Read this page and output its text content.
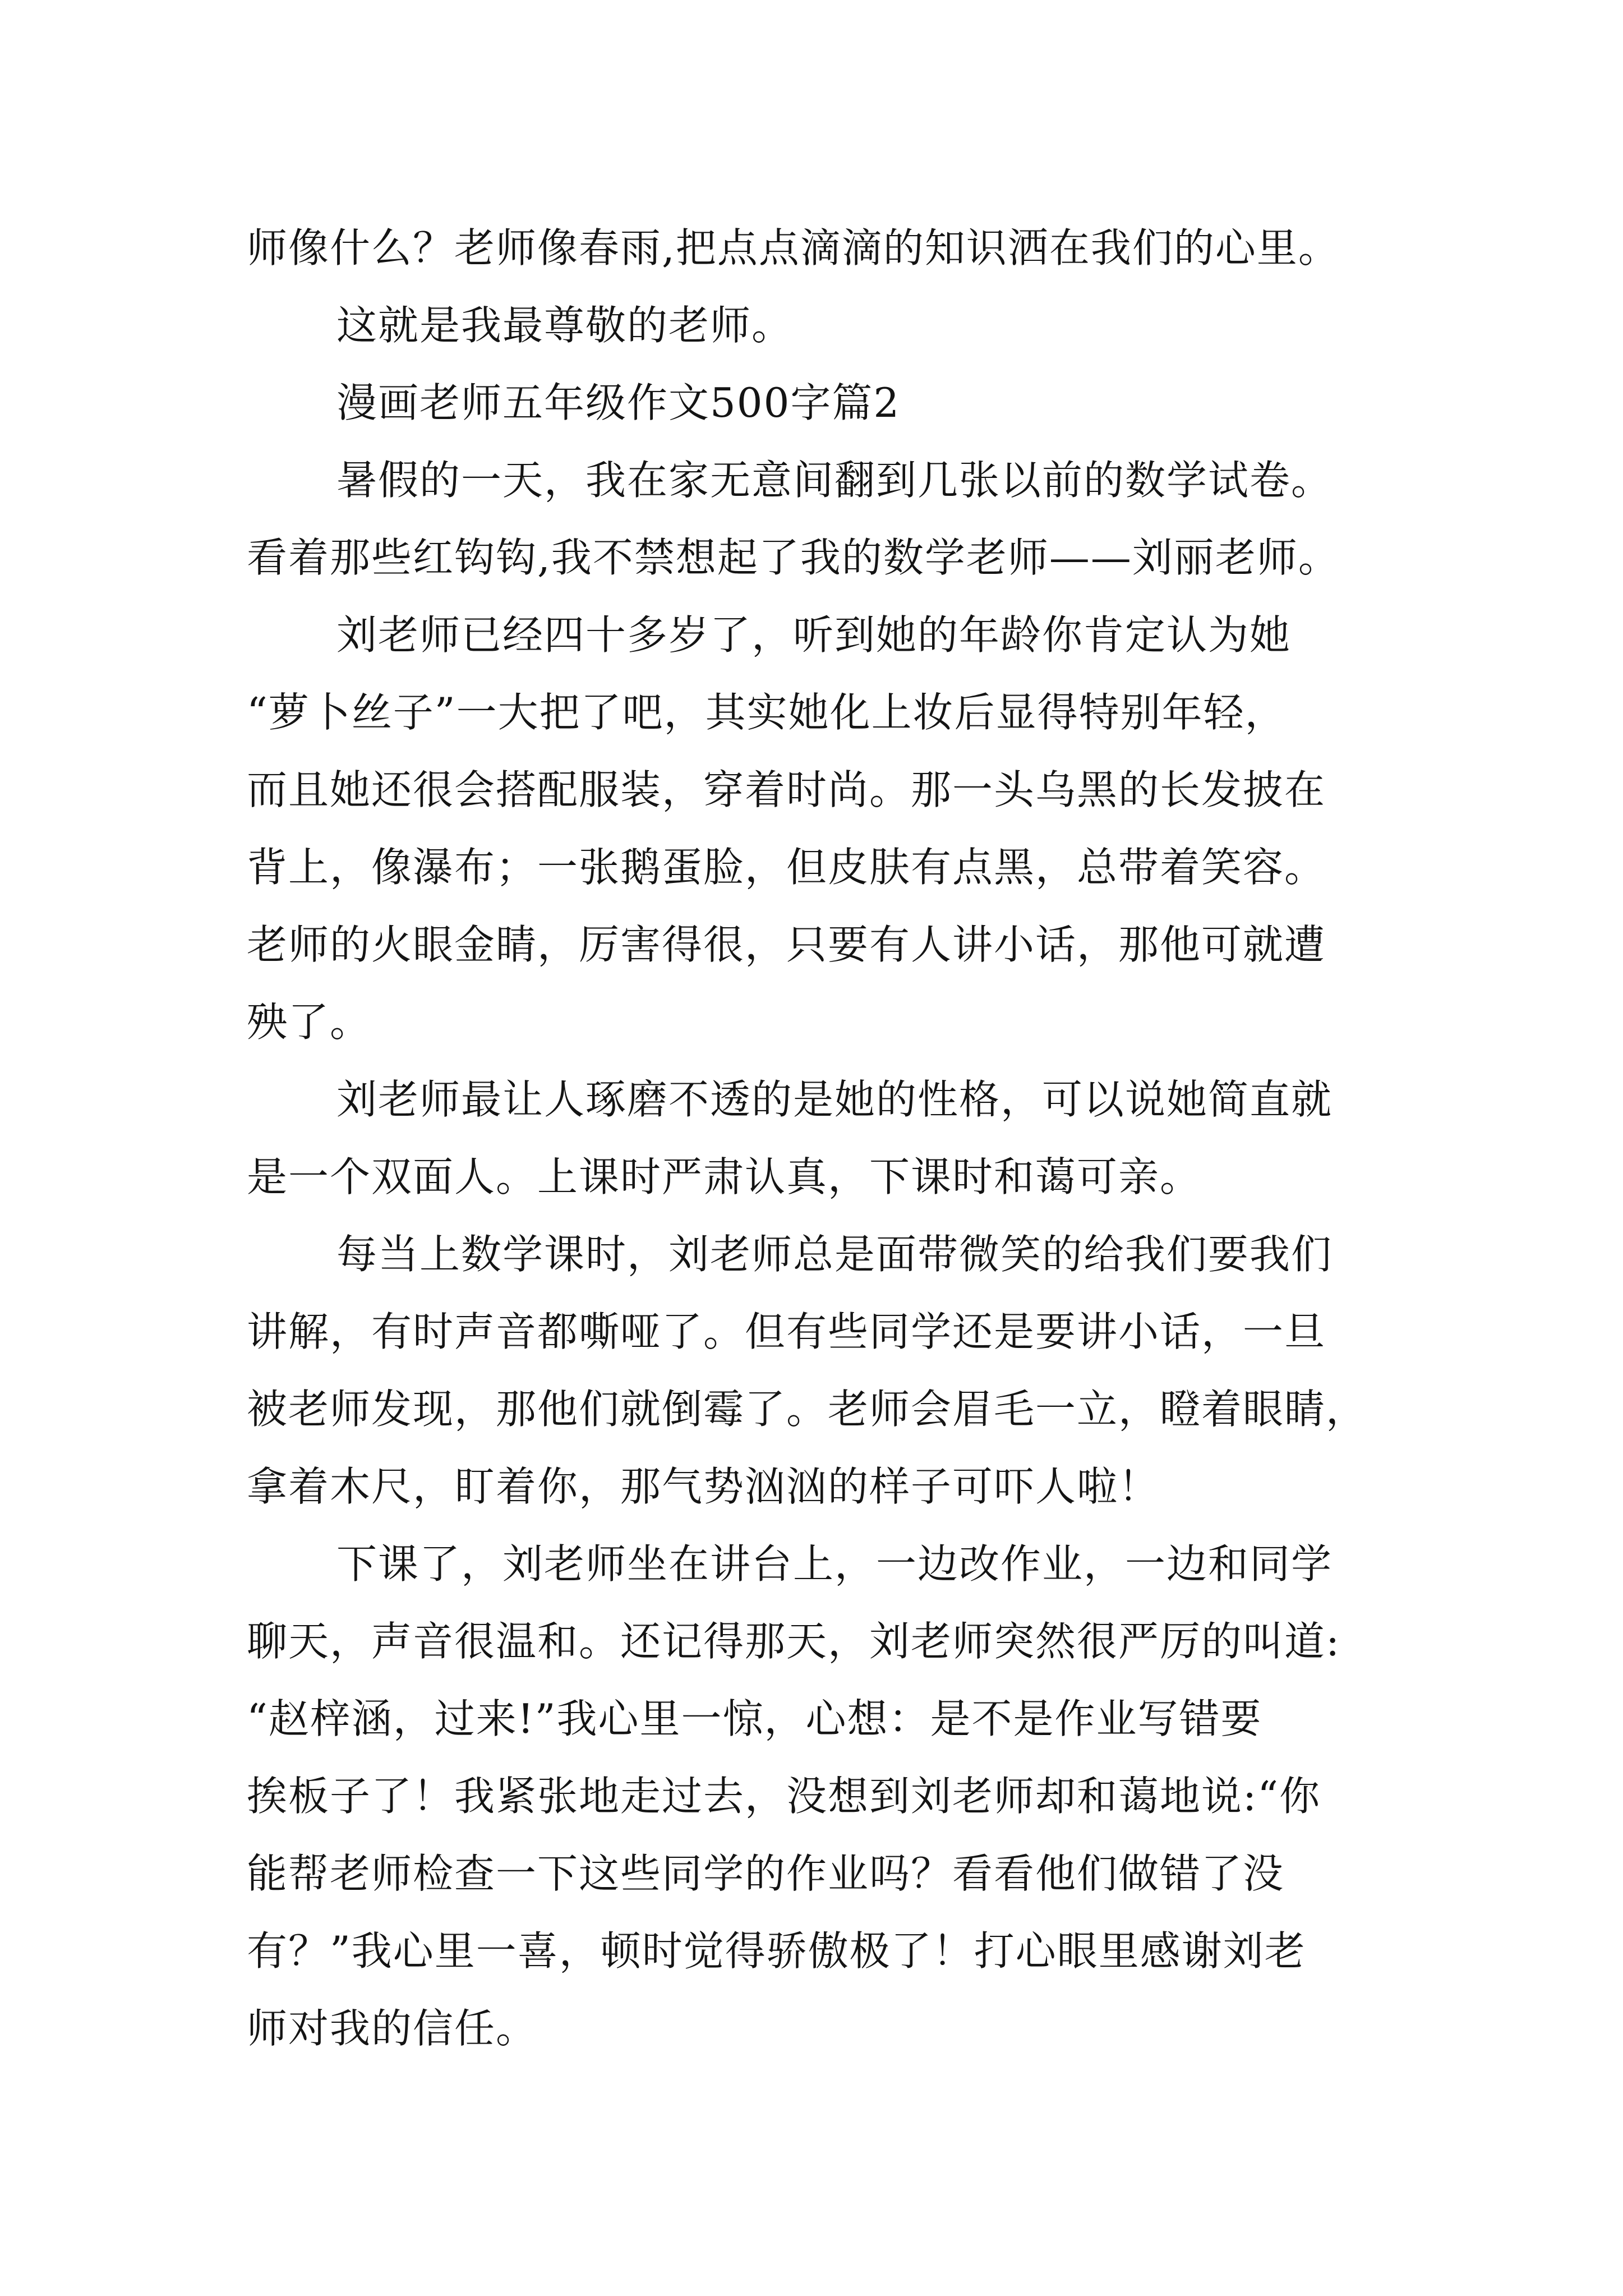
师像什么？老师像春雨,把点点滴滴的知识洒在我们的心里。
这就是我最尊敬的老师。
漫画老师五年级作文500字篇2
暑假的一天，我在家无意间翻到几张以前的数学试卷。
看着那些红钩钩,我不禁想起了我的数学老师——刘丽老师。
刘老师已经四十多岁了，听到她的年龄你肯定认为她
“萝卜丝子”一大把了吧，其实她化上妆后显得特别年轻，
而且她还很会搭配服装，穿着时尚。那一头乌黑的长发披在
背上，像瀑布；一张鹅蛋脸，但皮肤有点黑，总带着笑容。
老师的火眼金睛，厉害得很，只要有人讲小话，那他可就遭
殃了。
刘老师最让人琢磨不透的是她的性格，可以说她简直就
是一个双面人。上课时严肃认真，下课时和蔼可亲。
每当上数学课时，刘老师总是面带微笑的给我们要我们
讲解，有时声音都嘶哑了。但有些同学还是要讲小话，一旦
被老师发现，那他们就倒霉了。老师会眉毛一立，瞪着眼睛，
拿着木尺，盯着你，那气势汹汹的样子可吓人啦！
下课了，刘老师坐在讲台上，一边改作业，一边和同学
聊天，声音很温和。还记得那天，刘老师突然很严厉的叫道:
“赵梓涵，过来!”我心里一惊，心想：是不是作业写错要
挨板子了！我紧张地走过去，没想到刘老师却和蔼地说:“你
能帮老师检查一下这些同学的作业吗？看看他们做错了没
有？”我心里一喜，顿时觉得骄傲极了！打心眼里感谢刘老
师对我的信任。
